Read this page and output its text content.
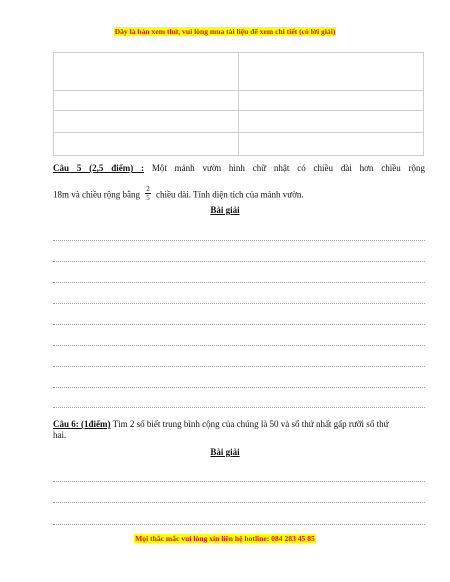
Đây là bản xem thử, vui lòng mua tài liệu để xem chi tiết (có lời giải)

Câu 5 (2,5 điểm) : Một mảnh vườn hình chữ nhật có chiều dài hơn chiều rộng
18m và chiều rộng bằng $\frac{2}{5}$ chiều dài. Tính diện tích của mảnh vườn.
Bài giải
Câu 6: (1điểm) Tìm 2 số biết trung bình cộng của chúng là 50 và số thứ nhất gấp rưỡi số thứ hai.
Bài giải
Mọi thắc mắc vui lòng xin liên hệ hotline: 084 283 45 85
